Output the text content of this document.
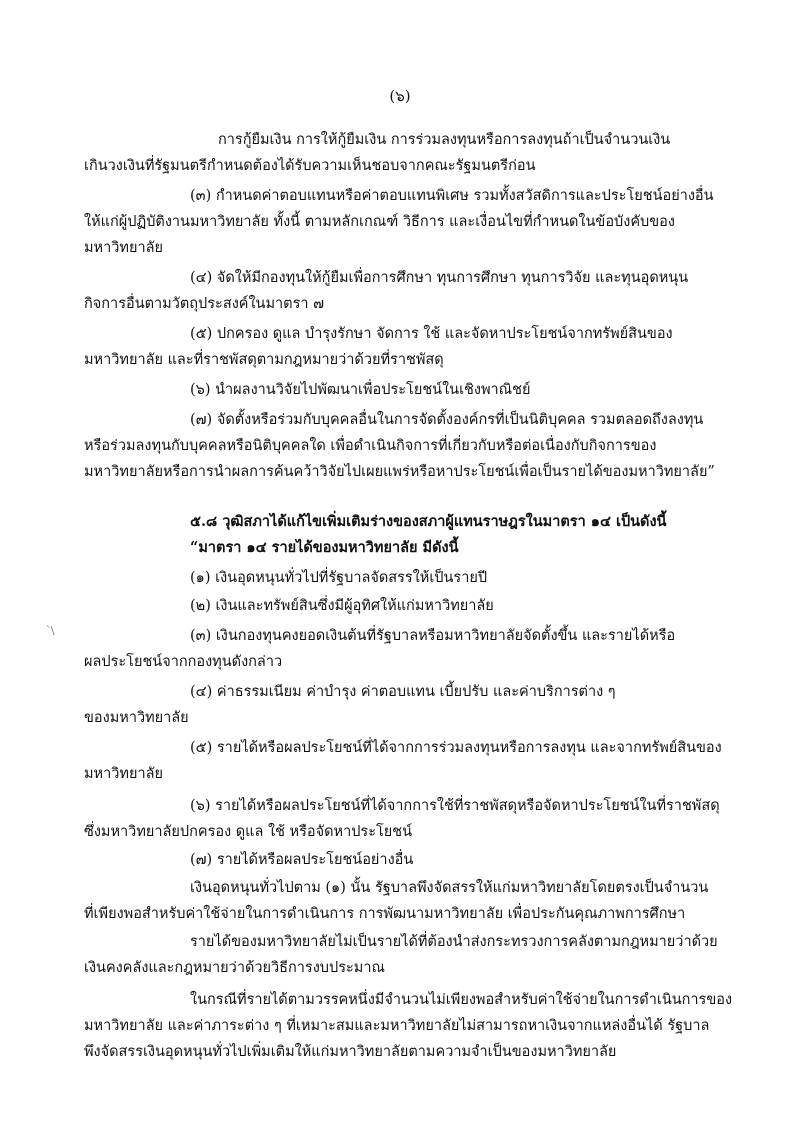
(๖)
`\
การกู้ยืมเงิน การให้กู้ยืมเงิน การร่วมลงทุนหรือการลงทุนถ้าเป็นจำนวนเงิน
เกินวงเงินที่รัฐมนตรีกำหนดต้องได้รับความเห็นชอบจากคณะรัฐมนตรีก่อน
(๓) กำหนดค่าตอบแทนหรือค่าตอบแทนพิเศษ รวมทั้งสวัสดิการและประโยชน์อย่างอื่น
ให้แก่ผู้ปฏิบัติงานมหาวิทยาลัย ทั้งนี้ ตามหลักเกณฑ์ วิธีการ และเงื่อนไขที่กำหนดในข้อบังคับของ
มหาวิทยาลัย
(๔) จัดให้มีกองทุนให้กู้ยืมเพื่อการศึกษา ทุนการศึกษา ทุนการวิจัย และทุนอุดหนุน
กิจการอื่นตามวัตถุประสงค์ในมาตรา ๗
(๕) ปกครอง ดูแล บำรุงรักษา จัดการ ใช้ และจัดหาประโยชน์จากทรัพย์สินของ
มหาวิทยาลัย และที่ราชพัสดุตามกฎหมายว่าด้วยที่ราชพัสดุ
(๖) นำผลงานวิจัยไปพัฒนาเพื่อประโยชน์ในเชิงพาณิชย์
(๗) จัดตั้งหรือร่วมกับบุคคลอื่นในการจัดตั้งองค์กรที่เป็นนิติบุคคล รวมตลอดถึงลงทุน
หรือร่วมลงทุนกับบุคคลหรือนิติบุคคลใด เพื่อดำเนินกิจการที่เกี่ยวกับหรือต่อเนื่องกับกิจการของ
มหาวิทยาลัยหรือการนำผลการค้นคว้าวิจัยไปเผยแพร่หรือหาประโยชน์เพื่อเป็นรายได้ของมหาวิทยาลัย”
๕.๘ วุฒิสภาได้แก้ไขเพิ่มเติมร่างของสภาผู้แทนราษฎรในมาตรา ๑๔ เป็นดังนี้
“มาตรา ๑๔ รายได้ของมหาวิทยาลัย มีดังนี้
(๑) เงินอุดหนุนทั่วไปที่รัฐบาลจัดสรรให้เป็นรายปี
(๒) เงินและทรัพย์สินซึ่งมีผู้อุทิศให้แก่มหาวิทยาลัย
(๓) เงินกองทุนคงยอดเงินต้นที่รัฐบาลหรือมหาวิทยาลัยจัดตั้งขึ้น และรายได้หรือ
ผลประโยชน์จากกองทุนดังกล่าว
(๔) ค่าธรรมเนียม ค่าบำรุง ค่าตอบแทน เบี้ยปรับ และค่าบริการต่าง ๆ
ของมหาวิทยาลัย
(๕) รายได้หรือผลประโยชน์ที่ได้จากการร่วมลงทุนหรือการลงทุน และจากทรัพย์สินของ
มหาวิทยาลัย
(๖) รายได้หรือผลประโยชน์ที่ได้จากการใช้ที่ราชพัสดุหรือจัดหาประโยชน์ในที่ราชพัสดุ
ซึ่งมหาวิทยาลัยปกครอง ดูแล ใช้ หรือจัดหาประโยชน์
(๗) รายได้หรือผลประโยชน์อย่างอื่น
เงินอุดหนุนทั่วไปตาม (๑) นั้น รัฐบาลพึงจัดสรรให้แก่มหาวิทยาลัยโดยตรงเป็นจำนวน
ที่เพียงพอสำหรับค่าใช้จ่ายในการดำเนินการ การพัฒนามหาวิทยาลัย เพื่อประกันคุณภาพการศึกษา
รายได้ของมหาวิทยาลัยไม่เป็นรายได้ที่ต้องนำส่งกระทรวงการคลังตามกฎหมายว่าด้วย
เงินคงคลังและกฎหมายว่าด้วยวิธีการงบประมาณ
ในกรณีที่รายได้ตามวรรคหนึ่งมีจำนวนไม่เพียงพอสำหรับค่าใช้จ่ายในการดำเนินการของ
มหาวิทยาลัย และค่าภาระต่าง ๆ ที่เหมาะสมและมหาวิทยาลัยไม่สามารถหาเงินจากแหล่งอื่นได้ รัฐบาล
พึงจัดสรรเงินอุดหนุนทั่วไปเพิ่มเติมให้แก่มหาวิทยาลัยตามความจำเป็นของมหาวิทยาลัย
